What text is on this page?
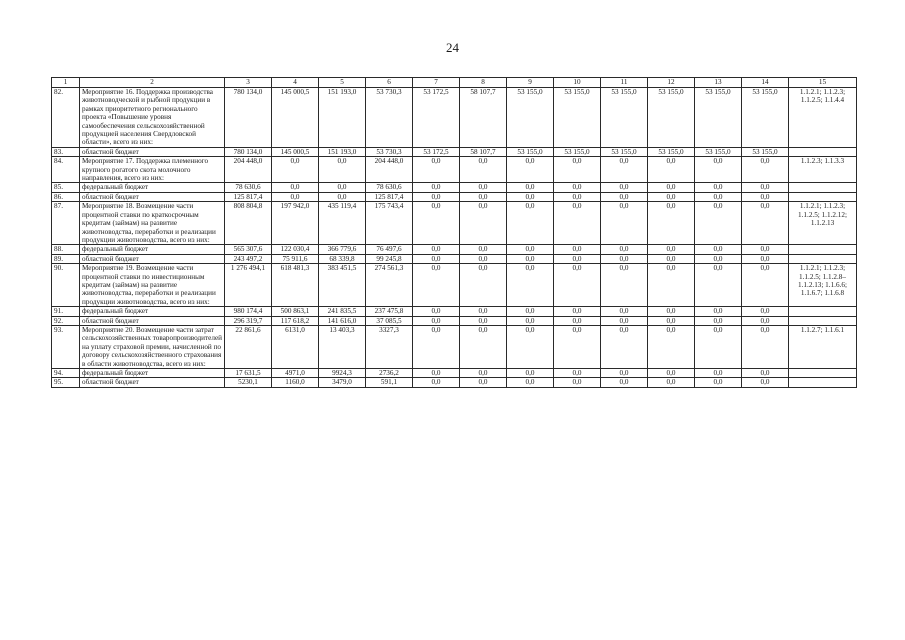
24
1	2	3	4	5	6	7	8	9	10	11	12	13	14	15
82.	Мероприятие 16. Поддержка производства животноводческой и рыбной продукции в рамках приоритетного регионального проекта «Повышение уровня самообеспечения сельскохозяйственной продукцией населения Свердловской области», всего из них:	780 134,0	145 000,5	151 193,0	53 730,3	53 172,5	58 107,7	53 155,0	53 155,0	53 155,0	53 155,0	53 155,0	53 155,0	1.1.2.1; 1.1.2.3; 1.1.2.5; 1.1.4.4
83.	областной бюджет	780 134,0	145 000,5	151 193,0	53 730,3	53 172,5	58 107,7	53 155,0	53 155,0	53 155,0	53 155,0	53 155,0	53 155,0	
84.	Мероприятие 17. Поддержка племенного крупного рогатого скота молочного направления, всего из них:	204 448,0	0,0	0,0	204 448,0	0,0	0,0	0,0	0,0	0,0	0,0	0,0	0,0	1.1.2.3; 1.1.3.3
85.	федеральный бюджет	78 630,6	0,0	0,0	78 630,6	0,0	0,0	0,0	0,0	0,0	0,0	0,0	0,0	
86.	областной бюджет	125 817,4	0,0	0,0	125 817,4	0,0	0,0	0,0	0,0	0,0	0,0	0,0	0,0	
87.	Мероприятие 18. Возмещение части процентной ставки по краткосрочным кредитам (займам) на развитие животноводства, переработки и реализации продукции животноводства, всего из них:	808 804,8	197 942,0	435 119,4	175 743,4	0,0	0,0	0,0	0,0	0,0	0,0	0,0	0,0	1.1.2.1; 1.1.2.3; 1.1.2.5; 1.1.2.12; 1.1.2.13
88.	федеральный бюджет	565 307,6	122 030,4	366 779,6	76 497,6	0,0	0,0	0,0	0,0	0,0	0,0	0,0	0,0	
89.	областной бюджет	243 497,2	75 911,6	68 339,8	99 245,8	0,0	0,0	0,0	0,0	0,0	0,0	0,0	0,0	
90.	Мероприятие 19. Возмещение части процентной ставки по инвестиционным кредитам (займам) на развитие животноводства, переработки и реализации продукции животноводства, всего из них:	1 276 494,1	618 481,3	383 451,5	274 561,3	0,0	0,0	0,0	0,0	0,0	0,0	0,0	0,0	1.1.2.1; 1.1.2.3; 1.1.2.5; 1.1.2.8– 1.1.2.13; 1.1.6.6; 1.1.6.7; 1.1.6.8
91.	федеральный бюджет	980 174,4	500 863,1	241 835,5	237 475,8	0,0	0,0	0,0	0,0	0,0	0,0	0,0	0,0	
92.	областной бюджет	296 319,7	117 618,2	141 616,0	37 085,5	0,0	0,0	0,0	0,0	0,0	0,0	0,0	0,0	
93.	Мероприятие 20. Возмещение части затрат сельскохозяйственных товаропроизводителей на уплату страховой премии, начисленной по договору сельскохозяйственного страхования в области животноводства, всего из них:	22 861,6	6131,0	13 403,3	3327,3	0,0	0,0	0,0	0,0	0,0	0,0	0,0	0,0	1.1.2.7; 1.1.6.1
94.	федеральный бюджет	17 631,5	4971,0	9924,3	2736,2	0,0	0,0	0,0	0,0	0,0	0,0	0,0	0,0	
95.	областной бюджет	5230,1	1160,0	3479,0	591,1	0,0	0,0	0,0	0,0	0,0	0,0	0,0	0,0	
